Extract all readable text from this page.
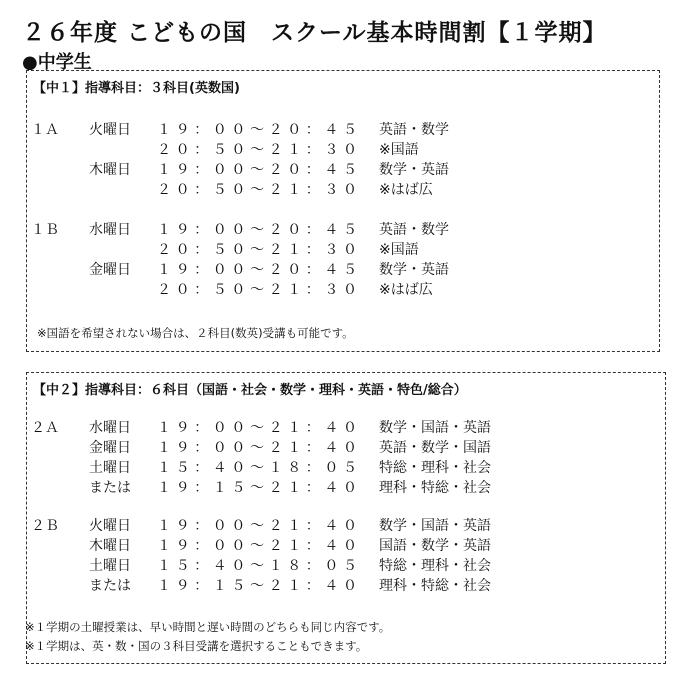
２６年度 こどもの国　スクール基本時間割【１学期】
●中学生
【中１】指導科目：３科目(英数国)
１Ａ 火曜日 １９：００～２０：４５ 英語・数学
２０：５０～２１：３０ ※国語
木曜日 １９：００～２０：４５ 数学・英語
２０：５０～２１：３０ ※はば広
１Ｂ 水曜日 １９：００～２０：４５ 英語・数学
２０：５０～２１：３０ ※国語
金曜日 １９：００～２０：４５ 数学・英語
２０：５０～２１：３０ ※はば広
※国語を希望されない場合は、２科目(数英)受講も可能です。
【中２】指導科目：６科目（国語・社会・数学・理科・英語・特色/総合）
２Ａ 水曜日 １９：００～２１：４０ 数学・国語・英語
金曜日 １９：００～２１：４０ 英語・数学・国語
土曜日 １５：４０～１８：０５ 特総・理科・社会
または １９：１５～２１：４０ 理科・特総・社会
２Ｂ 火曜日 １９：００～２１：４０ 数学・国語・英語
木曜日 １９：００～２１：４０ 国語・数学・英語
土曜日 １５：４０～１８：０５ 特総・理科・社会
または １９：１５～２１：４０ 理科・特総・社会
※１学期の土曜授業は、早い時間と遅い時間のどちらも同じ内容です。
※１学期は、英・数・国の３科目受講を選択することもできます。
